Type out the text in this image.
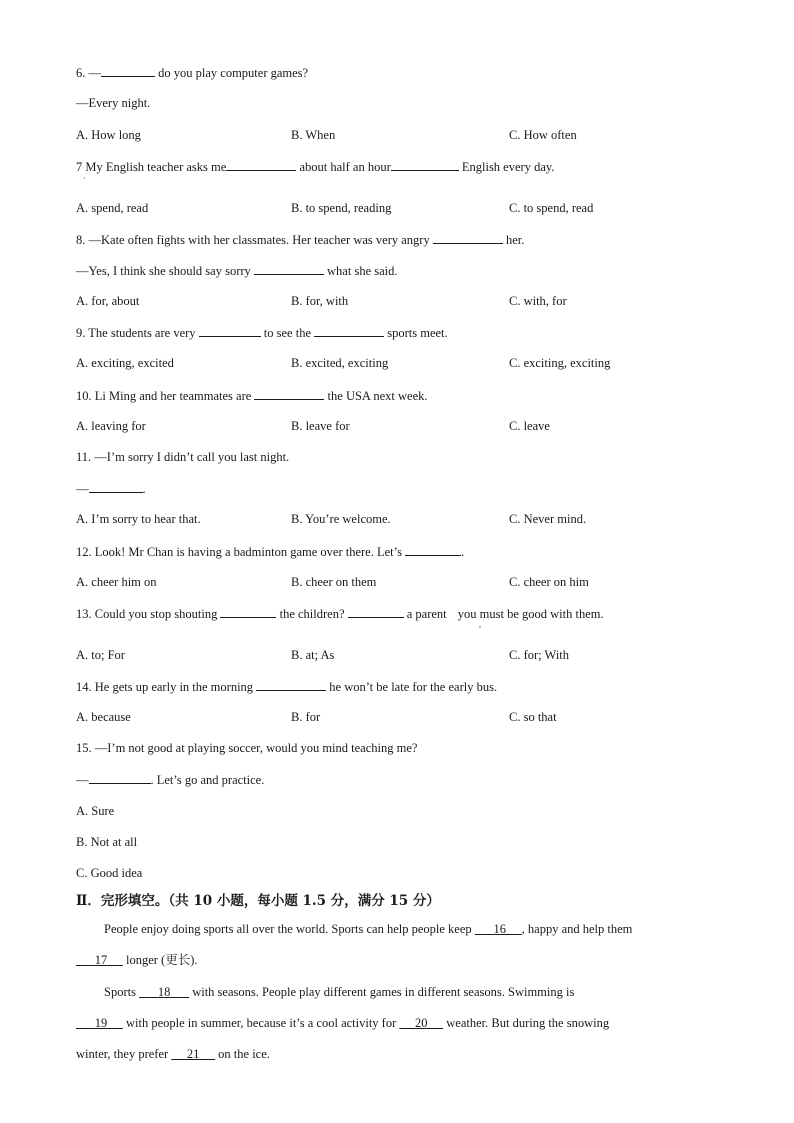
6. —	do you play computer games?
—Every night.
A. How long	B. When	C. How often
7 My English teacher asks me	about half an hour	English every day.
·
A. spend, read	B. to spend, reading	C. to spend, read
8. —Kate often fights with her classmates. Her teacher was very angry	her.
—Yes, I think she should say sorry	what she said.
A. for, about	B. for, with	C. with, for
9. The students are very	to see the	sports meet.
A. exciting, excited	B. excited, exciting	C. exciting, exciting
10. Li Ming and her teammates are	the USA next week.
A. leaving for	B. leave for	C. leave
11. —I’m sorry I didn’t call you last night.
—	.
A. I’m sorry to hear that.	B. You’re welcome.	C. Never mind.
12. Look! Mr Chan is having a badminton game over there. Let’s	.
A. cheer him on	B. cheer on them	C. cheer on him
13. Could you stop shouting	the children?	a parent you must be good with them.
,
A. to; For	B. at; As	C. for; With
14. He gets up early in the morning	he won’t be late for the early bus.
A. because	B. for	C. so that
15. —I’m not good at playing soccer, would you mind teaching me?
—	. Let’s go and practice.
A. Sure
B. Not at all
C. Good idea
Ⅱ．完形填空。（共 10 小题，每小题 1.5 分，满分 15 分）
People enjoy doing sports all over the world. Sports can help people keep       16 , happy and help them
17      longer (更长).
Sports       18       with seasons. People play different games in different seasons. Swimming is
19      with people in summer, because it’s a cool activity for      20      weather. But during the snowing
winter, they prefer      21      on the ice.
